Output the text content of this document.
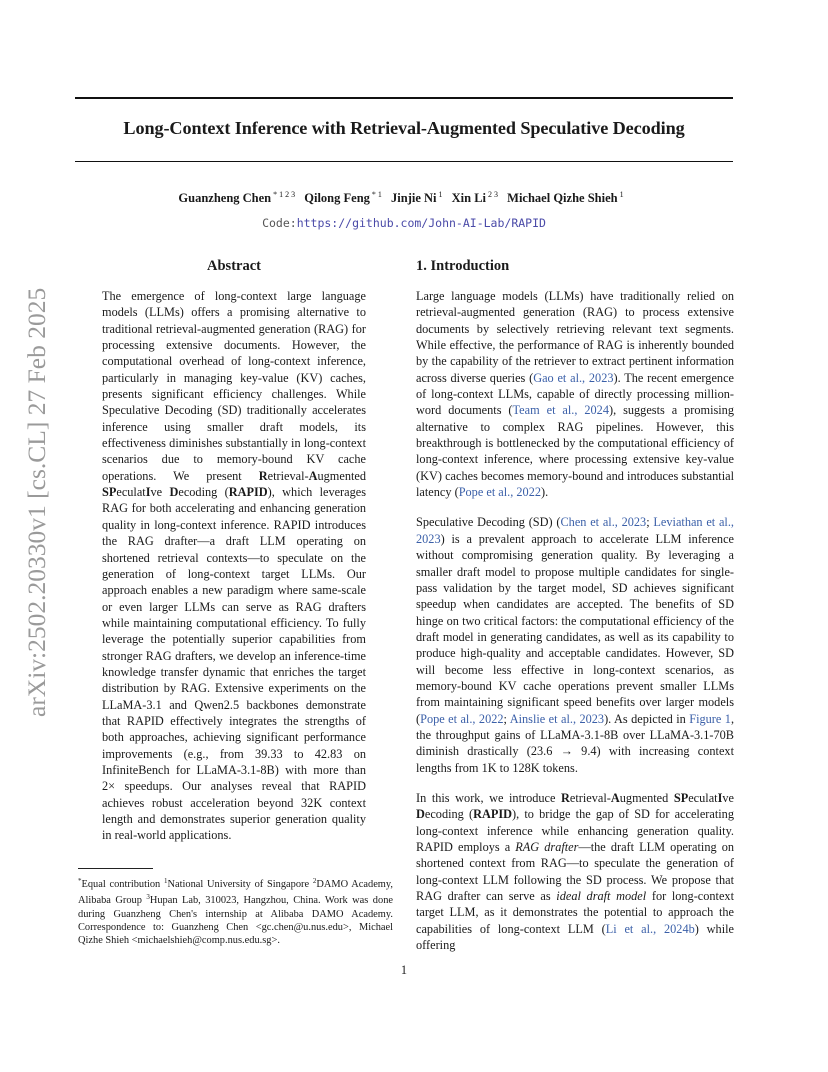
Long-Context Inference with Retrieval-Augmented Speculative Decoding
Guanzheng Chen $^{* 1 2 3}$ Qilong Feng $^{* 1}$ Jinjie Ni $^1$ Xin Li $^{2 3}$ Michael Qizhe Shieh $^1$
Code:https://github.com/John-AI-Lab/RAPID
arXiv:2502.20330v1 [cs.CL] 27 Feb 2025
Abstract

The emergence of long-context large language models (LLMs) offers a promising alternative to traditional retrieval-augmented generation (RAG) for processing extensive documents. However, the computational overhead of long-context inference, particularly in managing key-value (KV) caches, presents significant efficiency challenges. While Speculative Decoding (SD) traditionally accelerates inference using smaller draft models, its effectiveness diminishes substantially in long-context scenarios due to memory-bound KV cache operations. We present Retrieval-Augmented SPeculatIve Decoding (RAPID), which leverages RAG for both accelerating and enhancing generation quality in long-context inference. RAPID introduces the RAG drafter—a draft LLM operating on shortened retrieval contexts—to speculate on the generation of long-context target LLMs. Our approach enables a new paradigm where same-scale or even larger LLMs can serve as RAG drafters while maintaining computational efficiency. To fully leverage the potentially superior capabilities from stronger RAG drafters, we develop an inference-time knowledge transfer dynamic that enriches the target distribution by RAG. Extensive experiments on the LLaMA-3.1 and Qwen2.5 backbones demonstrate that RAPID effectively integrates the strengths of both approaches, achieving significant performance improvements (e.g., from 39.33 to 42.83 on InfiniteBench for LLaMA-3.1-8B) with more than 2× speedups. Our analyses reveal that RAPID achieves robust acceleration beyond 32K context length and demonstrates superior generation quality in real-world applications.

1. Introduction

Large language models (LLMs) have traditionally relied on retrieval-augmented generation (RAG) to process extensive documents by selectively retrieving relevant text segments. While effective, the performance of RAG is inherently bounded by the capability of the retriever to extract pertinent information across diverse queries (Gao et al., 2023). The recent emergence of long-context LLMs, capable of directly processing million-word documents (Team et al., 2024), suggests a promising alternative to complex RAG pipelines. However, this breakthrough is bottlenecked by the computational efficiency of long-context inference, where processing extensive key-value (KV) caches becomes memory-bound and introduces substantial latency (Pope et al., 2022).

Speculative Decoding (SD) (Chen et al., 2023; Leviathan et al., 2023) is a prevalent approach to accelerate LLM inference without compromising generation quality. By leveraging a smaller draft model to propose multiple candidates for single-pass validation by the target model, SD achieves significant speedup when candidates are accepted. The benefits of SD hinge on two critical factors: the computational efficiency of the draft model in generating candidates, as well as its capability to produce high-quality and acceptable candidates. However, SD will become less effective in long-context scenarios, as memory-bound KV cache operations prevent smaller LLMs from maintaining significant speed benefits over larger models (Pope et al., 2022; Ainslie et al., 2023). As depicted in Figure 1, the throughput gains of LLaMA-3.1-8B over LLaMA-3.1-70B diminish drastically (23.6 → 9.4) with increasing context lengths from 1K to 128K tokens.

In this work, we introduce Retrieval-Augmented SPeculatIve Decoding (RAPID), to bridge the gap of SD for accelerating long-context inference while enhancing generation quality. RAPID employs a RAG drafter—the draft LLM operating on shortened context from RAG—to speculate the generation of long-context LLM following the SD process. We propose that RAG drafter can serve as ideal draft model for long-context target LLM, as it demonstrates the potential to approach the capabilities of long-context LLM (Li et al., 2024b) while offering

*Equal contribution $^1$National University of Singapore $^2$DAMO Academy, Alibaba Group $^3$Hupan Lab, 310023, Hangzhou, China. Work was done during Guanzheng Chen's internship at Alibaba DAMO Academy. Correspondence to: Guanzheng Chen <gc.chen@u.nus.edu>, Michael Qizhe Shieh <michaelshieh@comp.nus.edu.sg>.
1
